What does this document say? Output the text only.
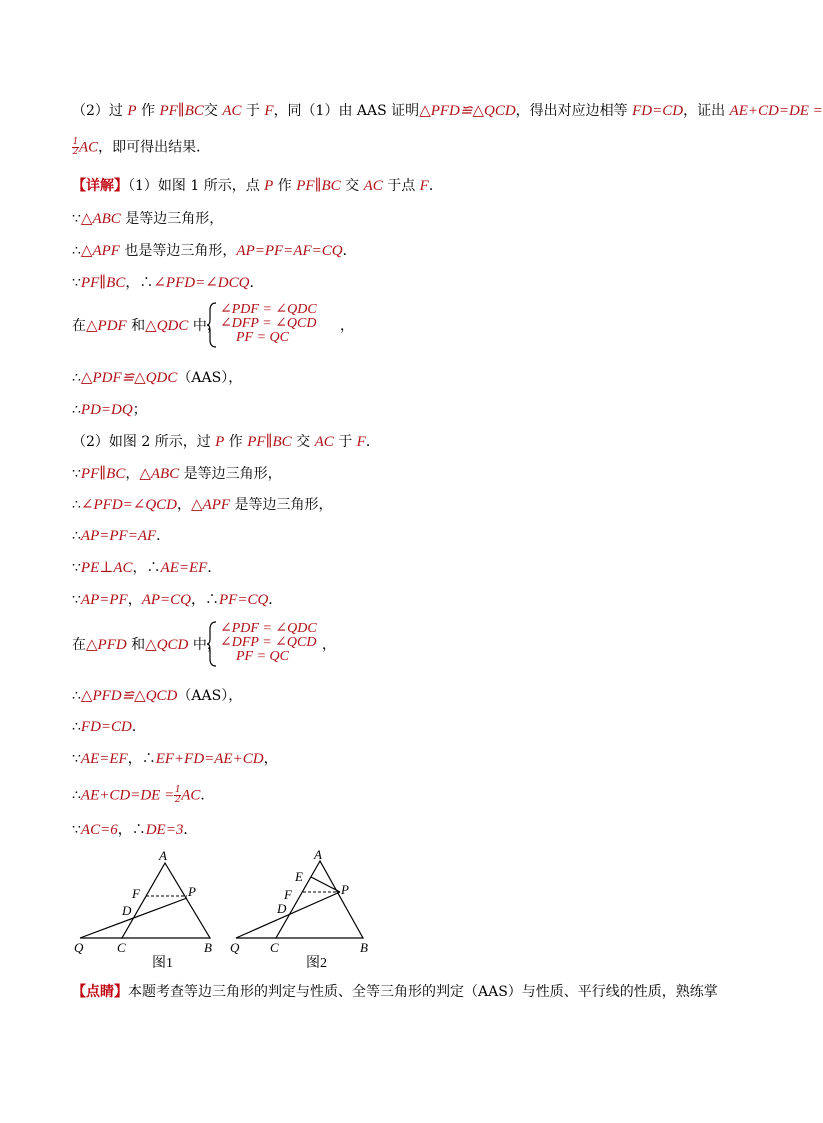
（2）过 P 作 PF∥BC交 AC 于 F，同（1）由 AAS 证明△PFD≌△QCD，得出对应边相等 FD=CD，证出 AE+CD=DE =
$\frac{1}{2}$ AC，即可得出结果．
【详解】（1）如图 1 所示，点 P 作 PF∥BC 交 AC 于点 F．
∵△ABC 是等边三角形，
∴△APF 也是等边三角形，AP=PF=AF=CQ．
∵PF∥BC，∴∠PFD=∠DCQ．
在△PDF 和△QDC 中，
∠PDF = ∠QDC
∠DFP = ∠QCD
PF = QC
，
∴△PDF≌△QDC（AAS），
∴PD=DQ；
（2）如图 2 所示，过 P 作 PF∥BC 交 AC 于 F．
∵PF∥BC，△ABC 是等边三角形，
∴∠PFD=∠QCD，△APF 是等边三角形，
∴AP=PF=AF．
∵PE⊥AC，∴AE=EF．
∵AP=PF，AP=CQ，∴PF=CQ．
在△PFD 和△QCD 中，
∠PDF = ∠QDC
∠DFP = ∠QCD
PF = QC
，
∴△PFD≌△QCD（AAS），
∴FD=CD．
∵AE=EF，∴EF+FD=AE+CD，
∴AE+CD=DE = $\frac{1}{2}$ AC．
∵AC=6，∴DE=3．
A
F	P
D
Q	C	B
图1
A
E
F	P
D
Q C	B
图2
【点睛】本题考查等边三角形的判定与性质、全等三角形的判定（AAS）与性质、平行线的性质，熟练掌
